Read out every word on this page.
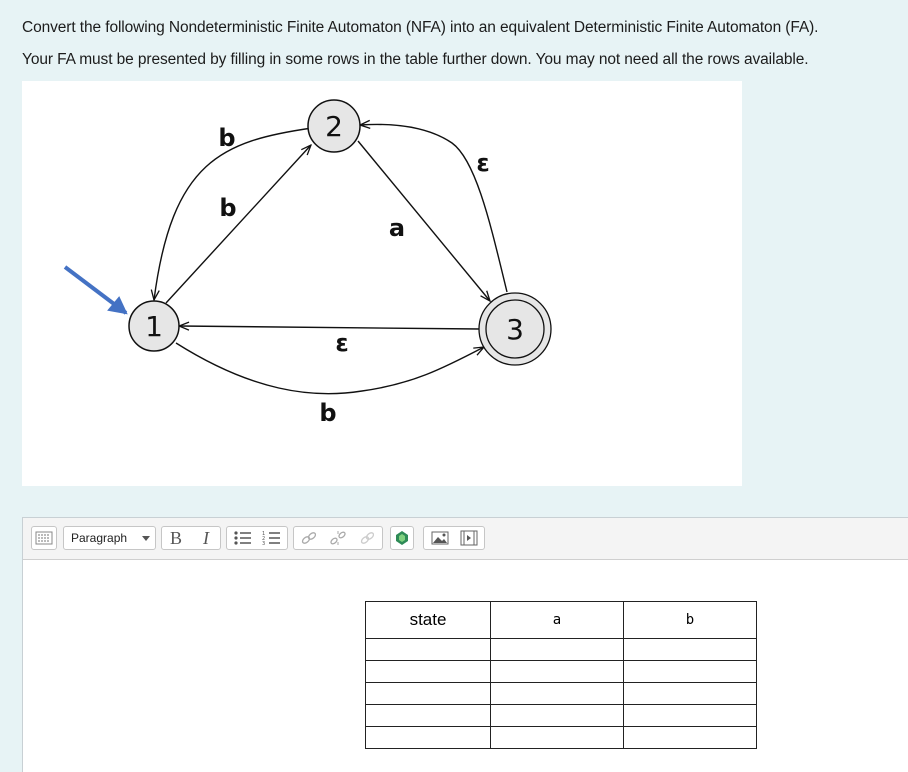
Convert the following Nondeterministic Finite Automaton (NFA) into an equivalent Deterministic Finite Automaton (FA).
Your FA must be presented by filling in some rows in the table further down. You may not need all the rows available.
2
1	3
b
b
a
ε
ε
b
Paragraph	B	I	1
2
3
state	a	b
